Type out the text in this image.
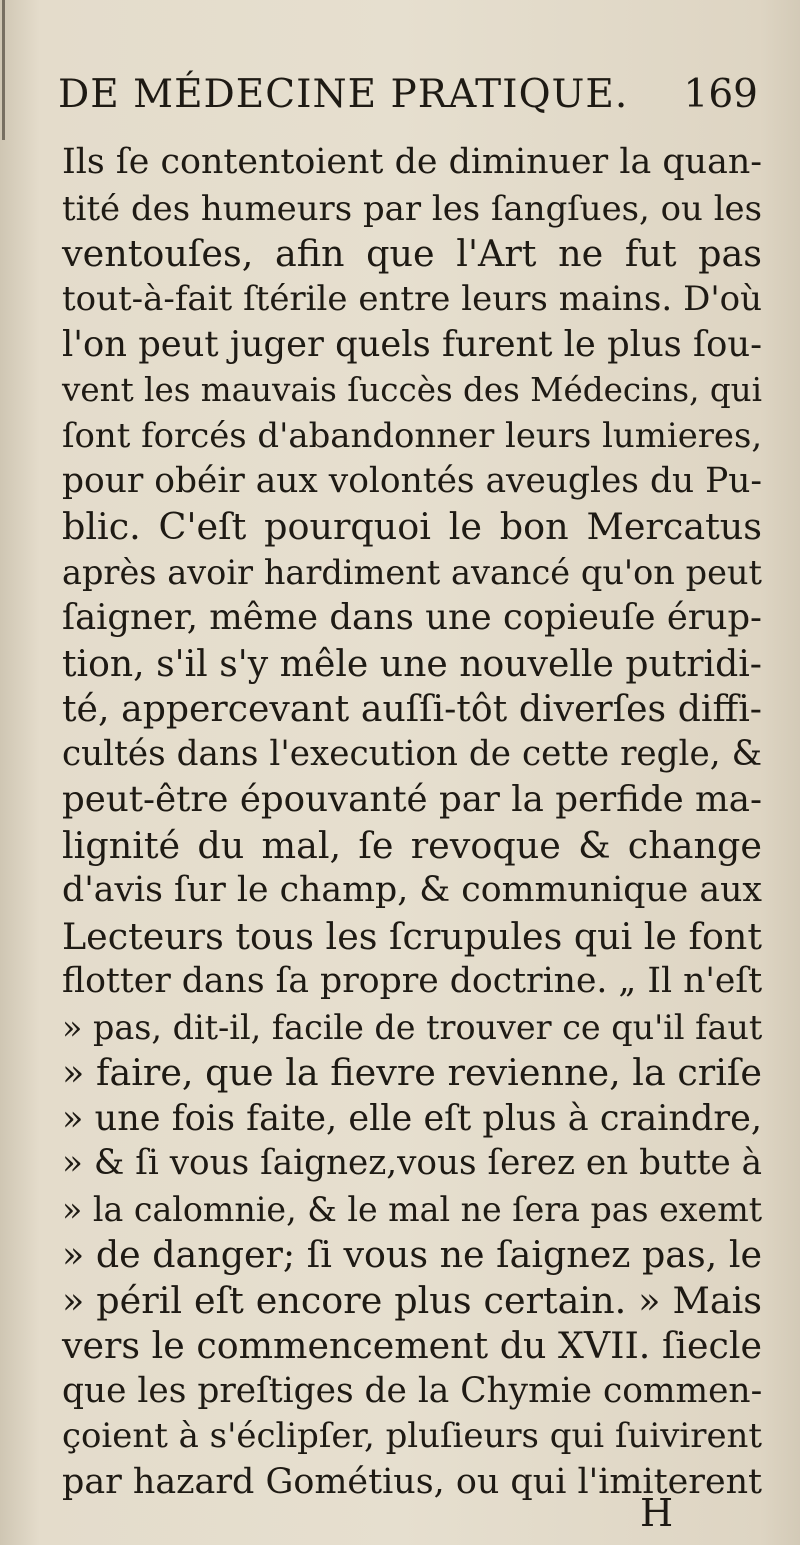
DE MÉDECINE PRATIQUE. 169
Ils ſe contentoient de diminuer la quan-
tité des humeurs par les ſangſues, ou les
ventouſes, afin que l'Art ne fut pas
tout-à-fait ſtérile entre leurs mains. D'où
l'on peut juger quels furent le plus ſou-
vent les mauvais ſuccès des Médecins, qui
ſont forcés d'abandonner leurs lumieres,
pour obéir aux volontés aveugles du Pu-
blic. C'eſt pourquoi le bon Mercatus
après avoir hardiment avancé qu'on peut
ſaigner, même dans une copieuſe érup-
tion, s'il s'y mêle une nouvelle putridi-
té, appercevant auſſi-tôt diverſes diffi-
cultés dans l'execution de cette regle, &
peut-être épouvanté par la perfide ma-
lignité du mal, ſe revoque & change
d'avis ſur le champ, & communique aux
Lecteurs tous les ſcrupules qui le font
flotter dans ſa propre doctrine. „ Il n'eſt
» pas, dit-il, facile de trouver ce qu'il faut
» faire, que la fievre revienne, la criſe
» une fois faite, elle eſt plus à craindre,
» & ſi vous ſaignez,vous ſerez en butte à
» la calomnie, & le mal ne ſera pas exemt
» de danger; ſi vous ne ſaignez pas, le
» péril eſt encore plus certain. » Mais
vers le commencement du XVII. ſiecle
que les preſtiges de la Chymie commen-
çoient à s'éclipſer, pluſieurs qui ſuivirent
par hazard Gométius, ou qui l'imiterent
H
